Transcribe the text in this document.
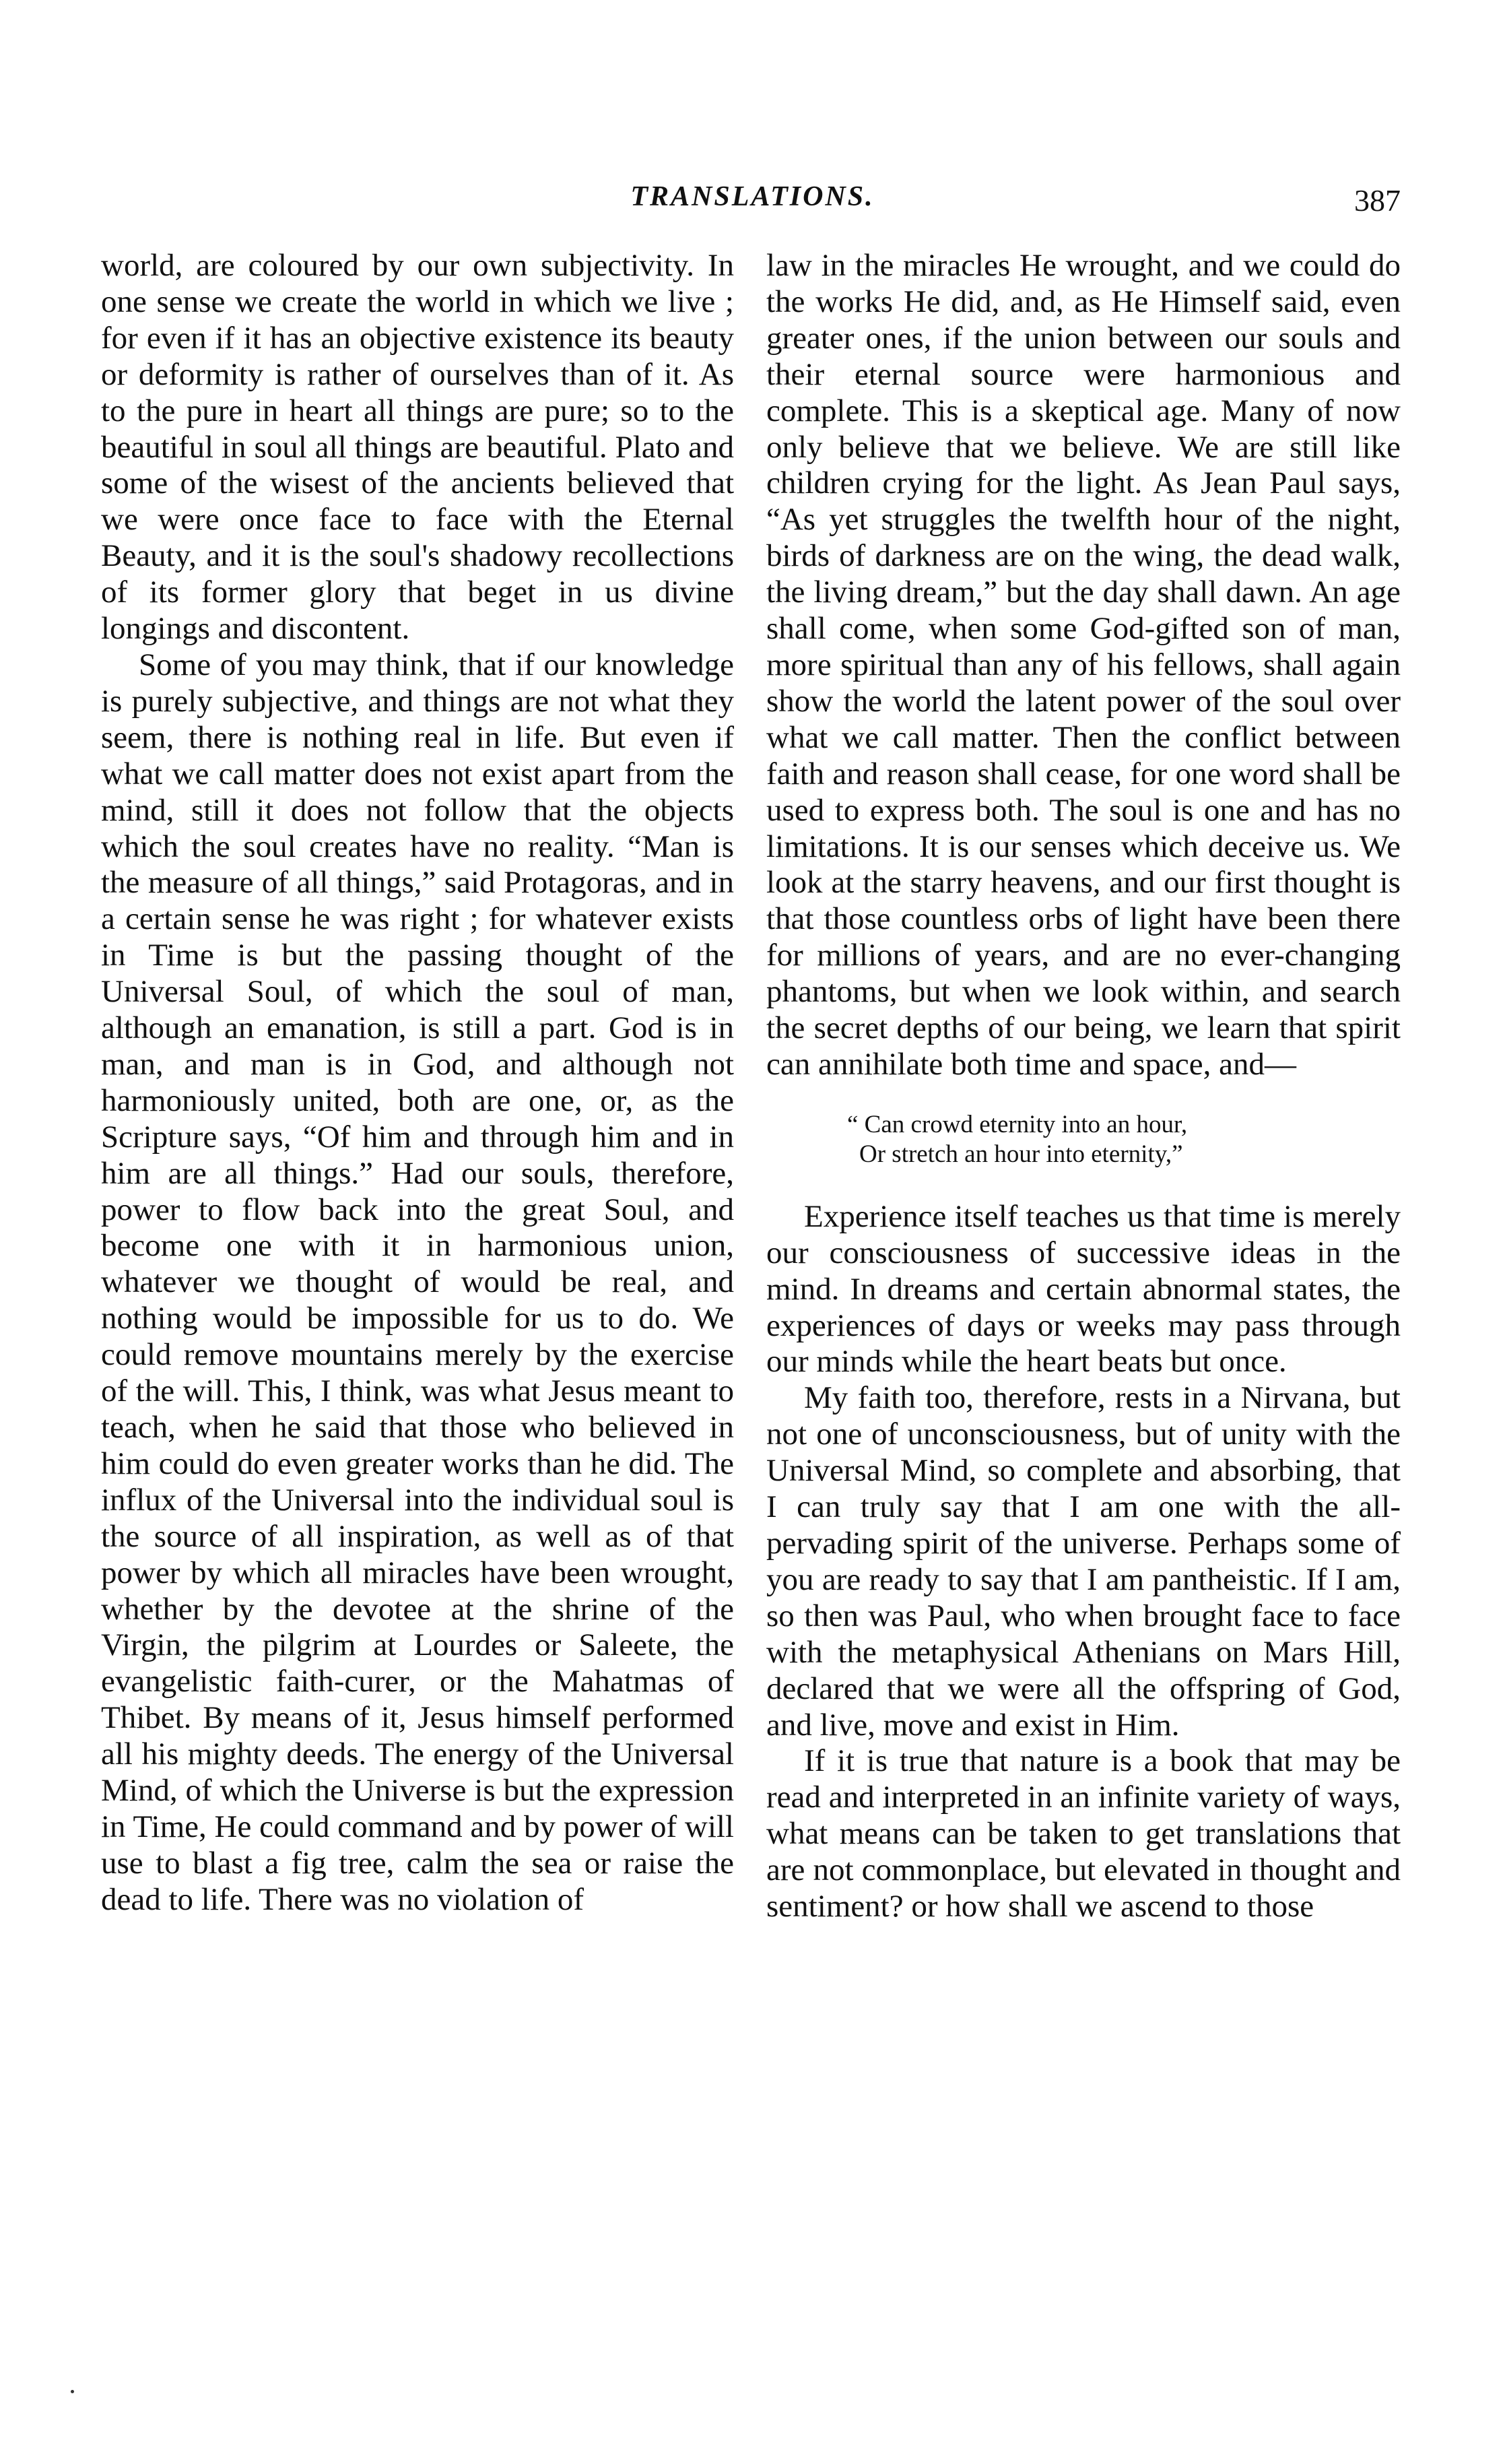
TRANSLATIONS.	387

world, are coloured by our own subjectivity. In one sense we create the world in which we live ; for even if it has an objective existence its beauty or deformity is rather of ourselves than of it. As to the pure in heart all things are pure; so to the beautiful in soul all things are beautiful. Plato and some of the wisest of the ancients believed that we were once face to face with the Eternal Beauty, and it is the soul's shadowy recollections of its former glory that beget in us divine longings and discontent.

Some of you may think, that if our knowledge is purely subjective, and things are not what they seem, there is nothing real in life. But even if what we call matter does not exist apart from the mind, still it does not follow that the objects which the soul creates have no reality. “Man is the measure of all things,” said Protagoras, and in a certain sense he was right ; for whatever exists in Time is but the passing thought of the Universal Soul, of which the soul of man, although an emanation, is still a part. God is in man, and man is in God, and although not harmoniously united, both are one, or, as the Scripture says, “Of him and through him and in him are all things.” Had our souls, therefore, power to flow back into the great Soul, and become one with it in harmonious union, whatever we thought of would be real, and nothing would be impossible for us to do. We could remove mountains merely by the exercise of the will. This, I think, was what Jesus meant to teach, when he said that those who believed in him could do even greater works than he did. The influx of the Universal into the individual soul is the source of all inspiration, as well as of that power by which all miracles have been wrought, whether by the devotee at the shrine of the Virgin, the pilgrim at Lourdes or Saleete, the evangelistic faith-curer, or the Mahatmas of Thibet. By means of it, Jesus himself performed all his mighty deeds. The energy of the Universal Mind, of which the Universe is but the expression in Time, He could command and by power of will use to blast a fig tree, calm the sea or raise the dead to life. There was no violation of

law in the miracles He wrought, and we could do the works He did, and, as He Himself said, even greater ones, if the union between our souls and their eternal source were harmonious and complete. This is a skeptical age. Many of now only believe that we believe. We are still like children crying for the light. As Jean Paul says, “As yet struggles the twelfth hour of the night, birds of darkness are on the wing, the dead walk, the living dream,” but the day shall dawn. An age shall come, when some God-gifted son of man, more spiritual than any of his fellows, shall again show the world the latent power of the soul over what we call matter. Then the conflict between faith and reason shall cease, for one word shall be used to express both. The soul is one and has no limitations. It is our senses which deceive us. We look at the starry heavens, and our first thought is that those countless orbs of light have been there for millions of years, and are no ever-changing phantoms, but when we look within, and search the secret depths of our being, we learn that spirit can annihilate both time and space, and—

“ Can crowd eternity into an hour,
Or stretch an hour into eternity,”

Experience itself teaches us that time is merely our consciousness of successive ideas in the mind. In dreams and certain abnormal states, the experiences of days or weeks may pass through our minds while the heart beats but once.

My faith too, therefore, rests in a Nirvana, but not one of unconsciousness, but of unity with the Universal Mind, so complete and absorbing, that I can truly say that I am one with the all-pervading spirit of the universe. Perhaps some of you are ready to say that I am pantheistic. If I am, so then was Paul, who when brought face to face with the metaphysical Athenians on Mars Hill, declared that we were all the offspring of God, and live, move and exist in Him.

If it is true that nature is a book that may be read and interpreted in an infinite variety of ways, what means can be taken to get translations that are not commonplace, but elevated in thought and sentiment? or how shall we ascend to those
